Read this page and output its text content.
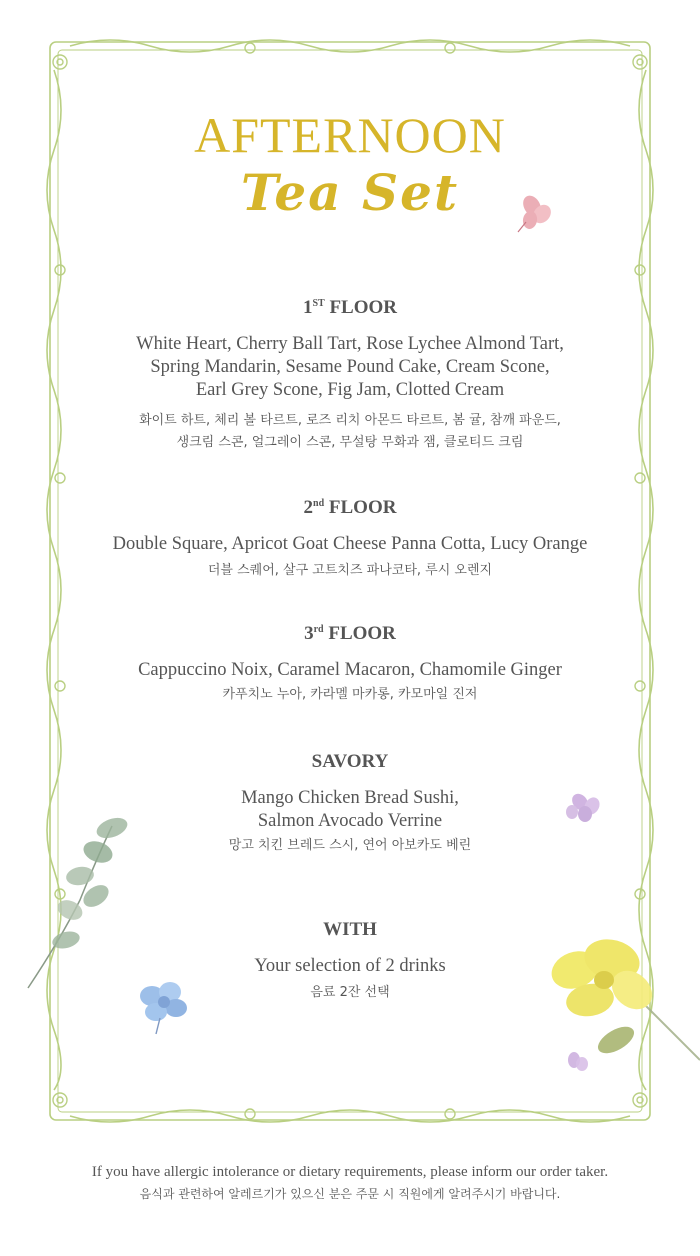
AFTERNOON
Tea Set

1ST FLOOR

White Heart, Cherry Ball Tart, Rose Lychee Almond Tart,
Spring Mandarin, Sesame Pound Cake, Cream Scone,
Earl Grey Scone, Fig Jam, Clotted Cream

화이트 하트, 체리 볼 타르트, 로즈 리치 아몬드 타르트, 봄 귤, 참깨 파운드,
생크림 스콘, 얼그레이 스콘, 무설탕 무화과 잼, 클로티드 크림

2nd FLOOR

Double Square, Apricot Goat Cheese Panna Cotta, Lucy Orange

더블 스퀘어, 살구 고트치즈 파나코타, 루시 오렌지

3rd FLOOR

Cappuccino Noix, Caramel Macaron, Chamomile Ginger

카푸치노 누아, 카라멜 마카롱, 카모마일 진저

SAVORY

Mango Chicken Bread Sushi,
Salmon Avocado Verrine

망고 치킨 브레드 스시, 연어 아보카도 베린

WITH

Your selection of 2 drinks

음료 2잔 선택

If you have allergic intolerance or dietary requirements, please inform our order taker.

음식과 관련하여 알레르기가 있으신 분은 주문 시 직원에게 알려주시기 바랍니다.
